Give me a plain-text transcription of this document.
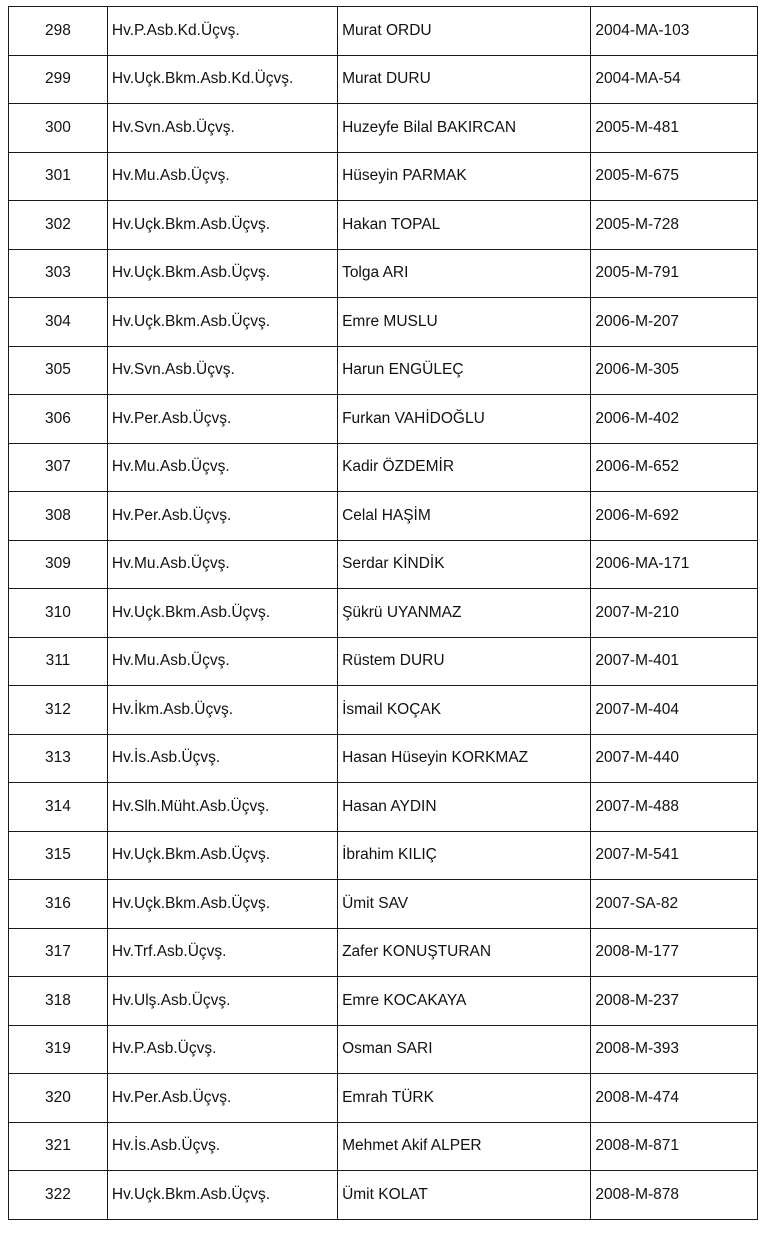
298	Hv.P.Asb.Kd.Üçvş.	Murat ORDU	2004-MA-103
299	Hv.Uçk.Bkm.Asb.Kd.Üçvş.	Murat DURU	2004-MA-54
300	Hv.Svn.Asb.Üçvş.	Huzeyfe Bilal BAKIRCAN	2005-M-481
301	Hv.Mu.Asb.Üçvş.	Hüseyin PARMAK	2005-M-675
302	Hv.Uçk.Bkm.Asb.Üçvş.	Hakan TOPAL	2005-M-728
303	Hv.Uçk.Bkm.Asb.Üçvş.	Tolga ARI	2005-M-791
304	Hv.Uçk.Bkm.Asb.Üçvş.	Emre MUSLU	2006-M-207
305	Hv.Svn.Asb.Üçvş.	Harun ENGÜLEÇ	2006-M-305
306	Hv.Per.Asb.Üçvş.	Furkan VAHİDOĞLU	2006-M-402
307	Hv.Mu.Asb.Üçvş.	Kadir ÖZDEMİR	2006-M-652
308	Hv.Per.Asb.Üçvş.	Celal HAŞİM	2006-M-692
309	Hv.Mu.Asb.Üçvş.	Serdar KİNDİK	2006-MA-171
310	Hv.Uçk.Bkm.Asb.Üçvş.	Şükrü UYANMAZ	2007-M-210
311	Hv.Mu.Asb.Üçvş.	Rüstem DURU	2007-M-401
312	Hv.İkm.Asb.Üçvş.	İsmail KOÇAK	2007-M-404
313	Hv.İs.Asb.Üçvş.	Hasan Hüseyin KORKMAZ	2007-M-440
314	Hv.Slh.Müht.Asb.Üçvş.	Hasan AYDIN	2007-M-488
315	Hv.Uçk.Bkm.Asb.Üçvş.	İbrahim KILIÇ	2007-M-541
316	Hv.Uçk.Bkm.Asb.Üçvş.	Ümit SAV	2007-SA-82
317	Hv.Trf.Asb.Üçvş.	Zafer KONUŞTURAN	2008-M-177
318	Hv.Ulş.Asb.Üçvş.	Emre KOCAKAYA	2008-M-237
319	Hv.P.Asb.Üçvş.	Osman SARI	2008-M-393
320	Hv.Per.Asb.Üçvş.	Emrah TÜRK	2008-M-474
321	Hv.İs.Asb.Üçvş.	Mehmet Akif ALPER	2008-M-871
322	Hv.Uçk.Bkm.Asb.Üçvş.	Ümit KOLAT	2008-M-878
